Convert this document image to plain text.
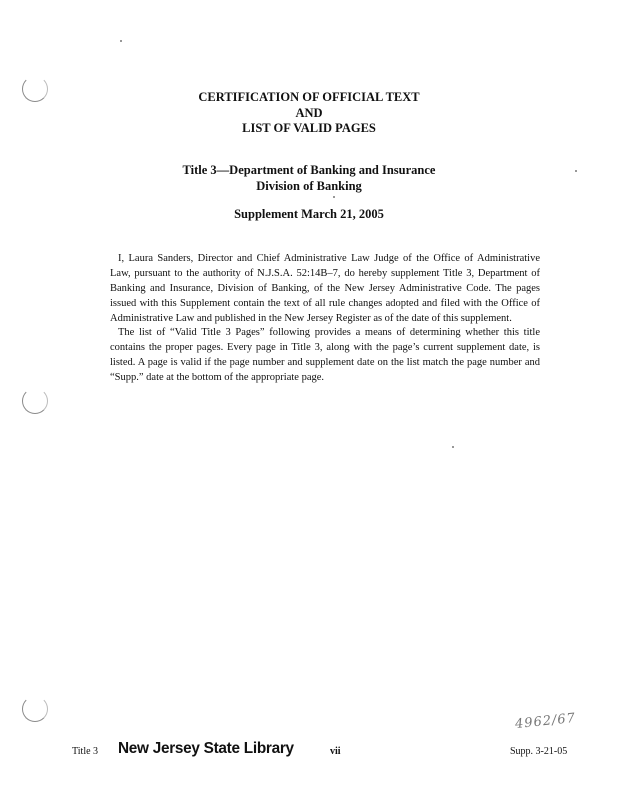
CERTIFICATION OF OFFICIAL TEXT
AND
LIST OF VALID PAGES
Title 3—Department of Banking and Insurance
Division of Banking
Supplement March 21, 2005

I, Laura Sanders, Director and Chief Administrative Law Judge of the Office of Administrative Law, pursuant to the authority of N.J.S.A. 52:14B–7, do hereby supplement Title 3, Department of Banking and Insurance, Division of Banking, of the New Jersey Administrative Code. The pages issued with this Supplement contain the text of all rule changes adopted and filed with the Office of Administrative Law and published in the New Jersey Register as of the date of this supplement.

The list of “Valid Title 3 Pages” following provides a means of determining whether this title contains the proper pages. Every page in Title 3, along with the page’s current supplement date, is listed. A page is valid if the page number and supplement date on the list match the page number and “Supp.” date at the bottom of the appropriate page.

4962/67
Title 3 New Jersey State Library	vii	Supp. 3-21-05
